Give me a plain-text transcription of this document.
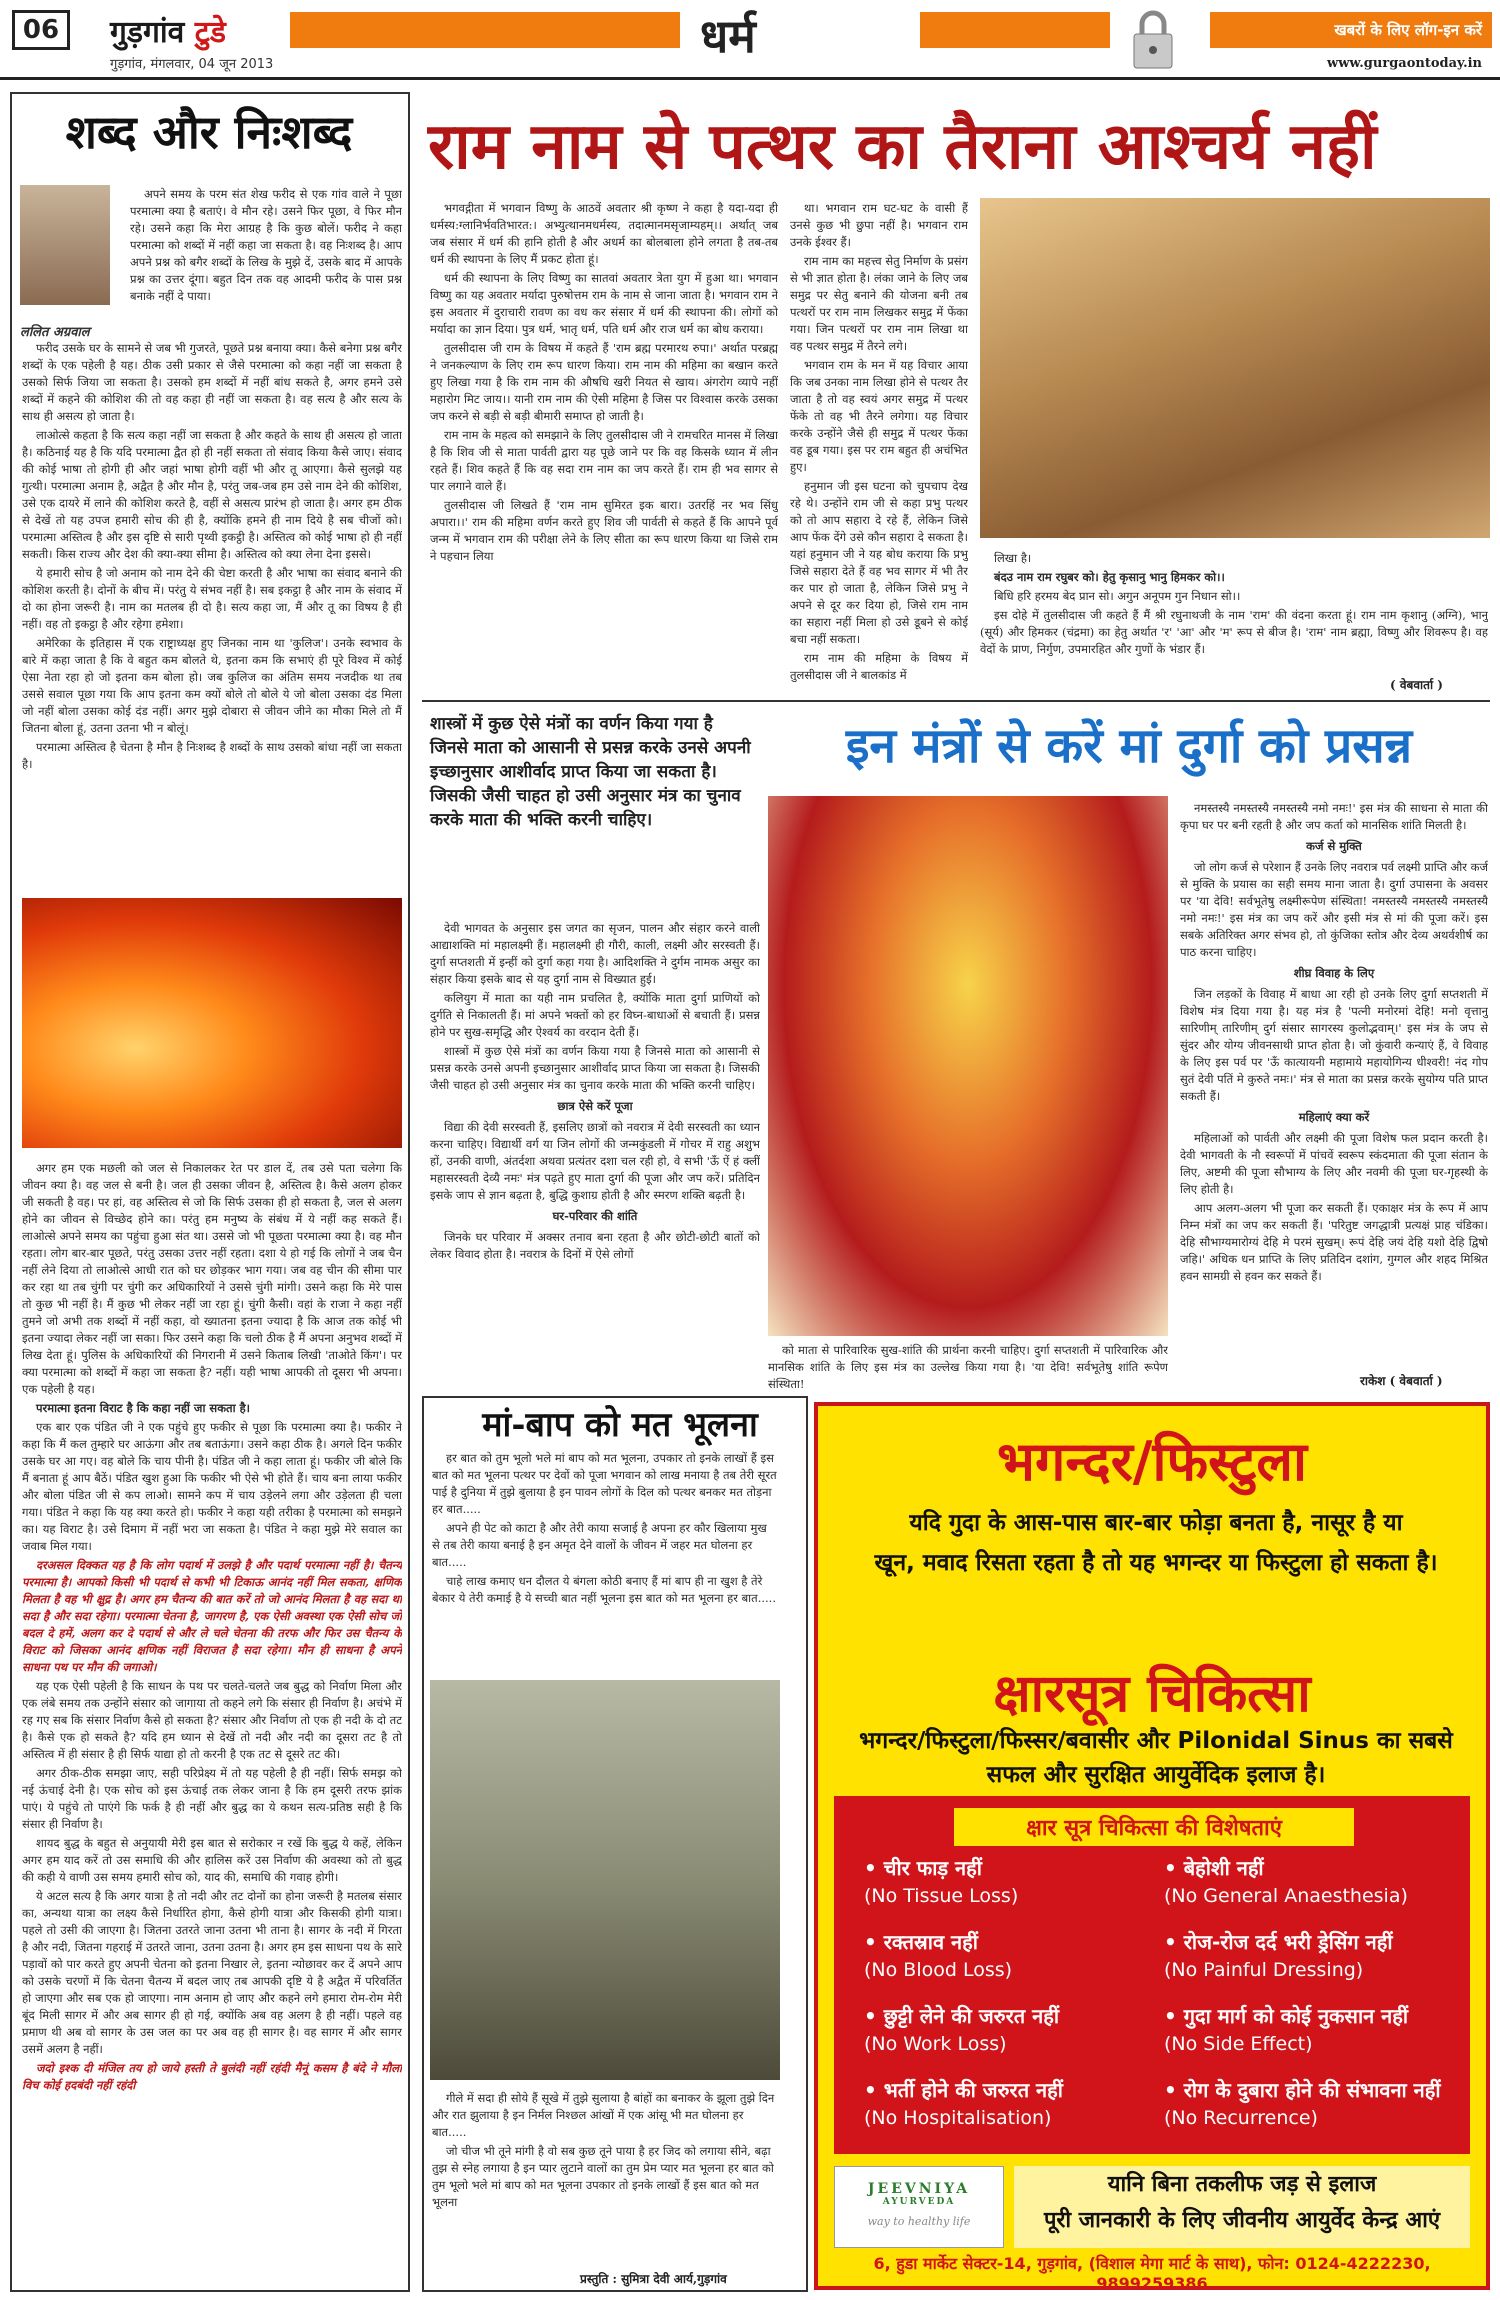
06	गुड़गांव टुडे
गुड़गांव, मंगलवार, 04 जून 2013
धर्म	खबरों के लिए लॉग-इन करें
www.gurgaontoday.in
शब्द और निःशब्द
ललित अग्रवाल

अपने समय के परम संत शेख फरीद से एक गांव वाले ने पूछा परमात्मा क्या है बताएं। वे मौन रहे। उसने फिर पूछा, वे फिर मौन रहे। उसने कहा कि मेरा आग्रह है कि कुछ बोलें। फरीद ने कहा परमात्मा को शब्दों में नहीं कहा जा सकता है। वह निःशब्द है। आप अपने प्रश्न को बगैर शब्दों के लिख के मुझे दें, उसके बाद में आपके प्रश्न का उत्तर दूंगा। बहुत दिन तक वह आदमी फरीद के पास प्रश्न बनाके नहीं दे पाया।

फरीद उसके घर के सामने से जब भी गुजरते, पूछते प्रश्न बनाया क्या। कैसे बनेगा प्रश्न बगैर शब्दों के एक पहेली है यह। ठीक उसी प्रकार से जैसे परमात्मा को कहा नहीं जा सकता है उसको सिर्फ जिया जा सकता है। उसको हम शब्दों में नहीं बांध सकते है, अगर हमने उसे शब्दों में कहने की कोशिश की तो वह कहा ही नहीं जा सकता है। वह सत्य है और सत्य के साथ ही असत्य हो जाता है।

लाओत्से कहता है कि सत्य कहा नहीं जा सकता है और कहते के साथ ही असत्य हो जाता है। कठिनाई यह है कि यदि परमात्मा द्वैत हो ही नहीं सकता तो संवाद किया कैसे जाए। संवाद की कोई भाषा तो होगी ही और जहां भाषा होगी वहीं भी और तू आएगा। कैसे सुलझे यह गुत्थी। परमात्मा अनाम है, अद्वैत है और मौन है, परंतु जब-जब हम उसे नाम देने की कोशिश, उसे एक दायरे में लाने की कोशिश करते है, वहीं से असत्य प्रारंभ हो जाता है। अगर हम ठीक से देखें तो यह उपज हमारी सोच की ही है, क्योंकि हमने ही नाम दिये है सब चीजों को। परमात्मा अस्तित्व है और इस दृष्टि से सारी पृथ्वी इकट्ठी है। अस्तित्व को कोई भाषा हो ही नहीं सकती। किस राज्य और देश की क्या-क्या सीमा है। अस्तित्व को क्या लेना देना इससे।

ये हमारी सोच है जो अनाम को नाम देने की चेष्टा करती है और भाषा का संवाद बनाने की कोशिश करती है। दोनों के बीच में। परंतु ये संभव नहीं है। सब इकट्ठा है और नाम के संवाद में दो का होना जरूरी है। नाम का मतलब ही दो है। सत्य कहा जा, मैं और तू का विषय है ही नहीं। वह तो इकट्ठा है और रहेगा हमेशा।

अमेरिका के इतिहास में एक राष्ट्राध्यक्ष हुए जिनका नाम था 'कुलिज'। उनके स्वभाव के बारे में कहा जाता है कि वे बहुत कम बोलते थे, इतना कम कि सभाएं ही पूरे विश्व में कोई ऐसा नेता रहा हो जो इतना कम बोला हो। जब कुलिज का अंतिम समय नजदीक था तब उससे सवाल पूछा गया कि आप इतना कम क्यों बोले तो बोले ये जो बोला उसका दंड मिला जो नहीं बोला उसका कोई दंड नहीं। अगर मुझे दोबारा से जीवन जीने का मौका मिले तो मैं जितना बोला हूं, उतना उतना भी न बोलूं।

परमात्मा अस्तित्व है चेतना है मौन है निःशब्द है शब्दों के साथ उसको बांधा नहीं जा सकता है।

अगर हम एक मछली को जल से निकालकर रेत पर डाल दें, तब उसे पता चलेगा कि जीवन क्या है। वह जल से बनी है। जल ही उसका जीवन है, अस्तित्व है। कैसे अलग होकर जी सकती है वह। पर हां, वह अस्तित्व से जो कि सिर्फ उसका ही हो सकता है, जल से अलग होने का जीवन से विच्छेद होने का। परंतु हम मनुष्य के संबंध में ये नहीं कह सकते हैं। लाओत्से अपने समय का पहुंचा हुआ संत था। उससे जो भी पूछता परमात्मा क्या है। वह मौन रहता। लोग बार-बार पूछते, परंतु उसका उत्तर नहीं रहता। दशा ये हो गई कि लोगों ने जब चैन नहीं लेने दिया तो लाओत्से आधी रात को घर छोड़कर भाग गया। जब वह चीन की सीमा पार कर रहा था तब चुंगी पर चुंगी कर अधिकारियों ने उससे चुंगी मांगी। उसने कहा कि मेरे पास तो कुछ भी नहीं है। मैं कुछ भी लेकर नहीं जा रहा हूं। चुंगी कैसी। वहां के राजा ने कहा नहीं तुमने जो अभी तक शब्दों में नहीं कहा, वो ख्यातना इतना ज्यादा है कि आज तक कोई भी इतना ज्यादा लेकर नहीं जा सका। फिर उसने कहा कि चलो ठीक है मैं अपना अनुभव शब्दों में लिख देता हूं। पुलिस के अधिकारियों की निगरानी में उसने किताब लिखी 'ताओते किंग'। पर क्या परमात्मा को शब्दों में कहा जा सकता है? नहीं। यही भाषा आपकी तो दूसरा भी अपना। एक पहेली है यह।

परमात्मा इतना विराट है कि कहा नहीं जा सकता है।

एक बार एक पंडित जी ने एक पहुंचे हुए फकीर से पूछा कि परमात्मा क्या है। फकीर ने कहा कि मैं कल तुम्हारे घर आऊंगा और तब बताऊंगा। उसने कहा ठीक है। अगले दिन फकीर उसके घर आ गए। वह बोले कि चाय पीनी है। पंडित जी ने कहा लाता हूं। फकीर जी बोले कि मैं बनाता हूं आप बैठें। पंडित खुश हुआ कि फकीर भी ऐसे भी होते हैं। चाय बना लाया फकीर और बोला पंडित जी से कप लाओ। सामने कप में चाय उड़ेलने लगा और उड़ेलता ही चला गया। पंडित ने कहा कि यह क्या करते हो। फकीर ने कहा यही तरीका है परमात्मा को समझने का। यह विराट है। उसे दिमाग में नहीं भरा जा सकता है। पंडित ने कहा मुझे मेरे सवाल का जवाब मिल गया।

दरअसल दिक्कत यह है कि लोग पदार्थ में उलझे है और पदार्थ परमात्मा नहीं है। चैतन्य परमात्मा है। आपको किसी भी पदार्थ से कभी भी टिकाऊ आनंद नहीं मिल सकता, क्षणिक मिलता है वह भी क्षुद्र है। अगर हम चैतन्य की बात करें तो जो आनंद मिलता है वह सदा था सदा है और सदा रहेगा। परमात्मा चेतना है, जागरण है, एक ऐसी अवस्था एक ऐसी सोच जो बदल दे हमें, अलग कर दे पदार्थ से और ले चले चेतना की तरफ और फिर उस चैतन्य के विराट को जिसका आनंद क्षणिक नहीं विराजत है सदा रहेगा। मौन ही साधना है अपने साधना पथ पर मौन की जगाओ।

यह एक ऐसी पहेली है कि साधन के पथ पर चलते-चलते जब बुद्ध को निर्वाण मिला और एक लंबे समय तक उन्होंने संसार को जागाया तो कहने लगे कि संसार ही निर्वाण है। अचंभे में रह गए सब कि संसार निर्वाण कैसे हो सकता है? संसार और निर्वाण तो एक ही नदी के दो तट है। कैसे एक हो सकते है? यदि हम ध्यान से देखें तो नदी और नदी का दूसरा तट है तो अस्तित्व में ही संसार है ही सिर्फ याद्या हो तो करनी है एक तट से दूसरे तट की।

अगर ठीक-ठीक समझा जाए, सही परिप्रेक्ष्य में तो यह पहेली है ही नहीं। सिर्फ समझ को नई ऊंचाई देनी है। एक सोच को इस ऊंचाई तक लेकर जाना है कि हम दूसरी तरफ झांक पाएं। ये पहुंचे तो पाएंगे कि फर्क है ही नहीं और बुद्ध का ये कथन सत्य-प्रतिष्ठ सही है कि संसार ही निर्वाण है।

शायद बुद्ध के बहुत से अनुयायी मेरी इस बात से सरोकार न रखें कि बुद्ध ये कहें, लेकिन अगर हम याद करें तो उस समाधि की और हालिस करें उस निर्वाण की अवस्था को तो बुद्ध की कही ये वाणी उस समय हमारी सोच को, याद की, समाधि की गवाह होगी।

ये अटल सत्य है कि अगर यात्रा है तो नदी और तट दोनों का होना जरूरी है मतलब संसार का, अन्यथा यात्रा का लक्ष्य कैसे निर्धारित होगा, कैसे होगी यात्रा और किसकी होगी यात्रा। पहले तो उसी की जाएगा है। जितना उतरते जाना उतना भी ताना है। सागर के नदी में गिरता है और नदी, जितना गहराई में उतरते जाना, उतना उतना है। अगर हम इस साधना पथ के सारे पड़ावों को पार करते हुए अपनी चेतना को इतना निखार ले, इतना न्योछावर कर दें अपने आप को उसके चरणों में कि चेतना चैतन्य में बदल जाए तब आपकी दृष्टि ये है अद्वैत में परिवर्तित हो जाएगा और सब एक हो जाएगा। नाम अनाम हो जाए और कहने लगे हमारा रोम-रोम मेरी बूंद मिली सागर में और अब सागर ही हो गई, क्योंकि अब वह अलग है ही नहीं। पहले वह प्रमाण थी अब वो सागर के उस जल का पर अब वह ही सागर है। वह सागर में और सागर उसमें अलग है नहीं।

जदो इश्क दी मंजिल तय हो जाये हस्ती ते बुलंदी नहीं रहंदी मैनूं कसम है बंदे ने मौला विच कोई हदबंदी नहीं रहंदी

राम नाम से पत्थर का तैराना आश्चर्य नहीं

भगवद्गीता में भगवान विष्णु के आठवें अवतार श्री कृष्ण ने कहा है यदा-यदा ही धर्मस्य:ग्लानिर्भवतिभारत:। अभ्युत्थानमधर्मस्य, तदात्मानमसृजाम्यहम्।। अर्थात् जब जब संसार में धर्म की हानि होती है और अधर्म का बोलबाला होने लगता है तब-तब धर्म की स्थापना के लिए मैं प्रकट होता हूं।

धर्म की स्थापना के लिए विष्णु का सातवां अवतार त्रेता युग में हुआ था। भगवान विष्णु का यह अवतार मर्यादा पुरुषोत्तम राम के नाम से जाना जाता है। भगवान राम ने इस अवतार में दुराचारी रावण का वध कर संसार में धर्म की स्थापना की। लोगों को मर्यादा का ज्ञान दिया। पुत्र धर्म, भातृ धर्म, पति धर्म और राज धर्म का बोध कराया।

तुलसीदास जी राम के विषय में कहते हैं 'राम ब्रह्म परमारथ रुपा।' अर्थात परब्रह्म ने जनकल्याण के लिए राम रूप धारण किया। राम नाम की महिमा का बखान करते हुए लिखा गया है कि राम नाम की औषधि खरी नियत से खाय। अंगरोग व्यापे नहीं महारोग मिट जाय।। यानी राम नाम की ऐसी महिमा है जिस पर विश्वास करके उसका जप करने से बड़ी से बड़ी बीमारी समाप्त हो जाती है।

राम नाम के महत्व को समझाने के लिए तुलसीदास जी ने रामचरित मानस में लिखा है कि शिव जी से माता पार्वती द्वारा यह पूछे जाने पर कि वह किसके ध्यान में लीन रहते हैं। शिव कहते हैं कि वह सदा राम नाम का जप करते हैं। राम ही भव सागर से पार लगाने वाले हैं।

तुलसीदास जी लिखते हैं 'राम नाम सुमिरत इक बारा। उतरहिं नर भव सिंधु अपारा।।' राम की महिमा वर्णन करते हुए शिव जी पार्वती से कहते हैं कि आपने पूर्व जन्म में भगवान राम की परीक्षा लेने के लिए सीता का रूप धारण किया था जिसे राम ने पहचान लिया

था। भगवान राम घट-घट के वासी हैं उनसे कुछ भी छुपा नहीं है। भगवान राम उनके ईश्वर हैं।

राम नाम का महत्त्व सेतु निर्माण के प्रसंग से भी ज्ञात होता है। लंका जाने के लिए जब समुद्र पर सेतु बनाने की योजना बनी तब पत्थरों पर राम नाम लिखकर समुद्र में फेंका गया। जिन पत्थरों पर राम नाम लिखा था वह पत्थर समुद्र में तैरने लगे।

भगवान राम के मन में यह विचार आया कि जब उनका नाम लिखा होने से पत्थर तैर जाता है तो वह स्वयं अगर समुद्र में पत्थर फेंके तो वह भी तैरने लगेगा। यह विचार करके उन्होंने जैसे ही समुद्र में पत्थर फेंका वह डूब गया। इस पर राम बहुत ही अचंभित हुए।

हनुमान जी इस घटना को चुपचाप देख रहे थे। उन्होंने राम जी से कहा प्रभु पत्थर को तो आप सहारा दे रहे हैं, लेकिन जिसे आप फेंक देंगे उसे कौन सहारा दे सकता है। यहां हनुमान जी ने यह बोध कराया कि प्रभु जिसे सहारा देते हैं वह भव सागर में भी तैर कर पार हो जाता है, लेकिन जिसे प्रभु ने अपने से दूर कर दिया हो, जिसे राम नाम का सहारा नहीं मिला हो उसे डूबने से कोई बचा नहीं सकता।

राम नाम की महिमा के विषय में तुलसीदास जी ने बालकांड में

लिखा है।

बंदउ नाम राम रघुबर को। हेतु कृसानु भानु हिमकर को।।

बिधि हरि हरमय बेद प्रान सो। अगुन अनूपम गुन निधान सो।।

इस दोहे में तुलसीदास जी कहते हैं मैं श्री रघुनाथजी के नाम 'राम' की वंदना करता हूं। राम नाम कृशानु (अग्नि), भानु (सूर्य) और हिमकर (चंद्रमा) का हेतु अर्थात 'र' 'आ' और 'म' रूप से बीज है। 'राम' नाम ब्रह्मा, विष्णु और शिवरूप है। वह वेदों के प्राण, निर्गुण, उपमारहित और गुणों के भंडार हैं।

( वेबवार्ता )
शास्त्रों में कुछ ऐसे मंत्रों का वर्णन किया गया है जिनसे माता को आसानी से प्रसन्न करके उनसे अपनी इच्छानुसार आशीर्वाद प्राप्त किया जा सकता है। जिसकी जैसी चाहत हो उसी अनुसार मंत्र का चुनाव करके माता की भक्ति करनी चाहिए।
इन मंत्रों से करें मां दुर्गा को प्रसन्न

देवी भागवत के अनुसार इस जगत का सृजन, पालन और संहार करने वाली आद्याशक्ति मां महालक्ष्मी हैं। महालक्ष्मी ही गौरी, काली, लक्ष्मी और सरस्वती हैं। दुर्गा सप्तशती में इन्हीं को दुर्गा कहा गया है। आदिशक्ति ने दुर्गम नामक असुर का संहार किया इसके बाद से यह दुर्गा नाम से विख्यात हुई।

कलियुग में माता का यही नाम प्रचलित है, क्योंकि माता दुर्गा प्राणियों को दुर्गति से निकालती हैं। मां अपने भक्तों को हर विघ्न-बाधाओं से बचाती हैं। प्रसन्न होने पर सुख-समृद्धि और ऐश्वर्य का वरदान देती हैं।

शास्त्रों में कुछ ऐसे मंत्रों का वर्णन किया गया है जिनसे माता को आसानी से प्रसन्न करके उनसे अपनी इच्छानुसार आशीर्वाद प्राप्त किया जा सकता है। जिसकी जैसी चाहत हो उसी अनुसार मंत्र का चुनाव करके माता की भक्ति करनी चाहिए।

छात्र ऐसे करें पूजा

विद्या की देवी सरस्वती हैं, इसलिए छात्रों को नवरात्र में देवी सरस्वती का ध्यान करना चाहिए। विद्यार्थी वर्ग या जिन लोगों की जन्मकुंडली में गोचर में राहु अशुभ हों, उनकी वाणी, अंतर्दशा अथवा प्रत्यंतर दशा चल रही हो, वे सभी 'ऊँ ऐं हं क्लीं महासरस्वती देव्यै नमः' मंत्र पढ़ते हुए माता दुर्गा की पूजा और जप करें। प्रतिदिन इसके जाप से ज्ञान बढ़ता है, बुद्धि कुशाग्र होती है और स्मरण शक्ति बढ़ती है।

घर-परिवार की शांति

जिनके घर परिवार में अक्सर तनाव बना रहता है और छोटी-छोटी बातों को लेकर विवाद होता है। नवरात्र के दिनों में ऐसे लोगों

को माता से पारिवारिक सुख-शांति की प्रार्थना करनी चाहिए। दुर्गा सप्तशती में पारिवारिक और मानसिक शांति के लिए इस मंत्र का उल्लेख किया गया है। 'या देवि! सर्वभूतेषु शांति रूपेण संस्थिता!

नमस्तस्यै नमस्तस्यै नमस्तस्यै नमो नमः!' इस मंत्र की साधना से माता की कृपा घर पर बनी रहती है और जप कर्ता को मानसिक शांति मिलती है।

कर्ज से मुक्ति

जो लोग कर्ज से परेशान हैं उनके लिए नवरात्र पर्व लक्ष्मी प्राप्ति और कर्ज से मुक्ति के प्रयास का सही समय माना जाता है। दुर्गा उपासना के अवसर पर 'या देवि! सर्वभूतेषु लक्ष्मीरूपेण संस्थिता! नमस्तस्यै नमस्तस्यै नमस्तस्यै नमो नमः!' इस मंत्र का जप करें और इसी मंत्र से मां की पूजा करें। इस सबके अतिरिक्त अगर संभव हो, तो कुंजिका स्तोत्र और देव्य अथर्वशीर्ष का पाठ करना चाहिए।

शीघ्र विवाह के लिए

जिन लड़कों के विवाह में बाधा आ रही हो उनके लिए दुर्गा सप्तशती में विशेष मंत्र दिया गया है। यह मंत्र है 'पत्नी मनोरमां देहि! मनो वृत्तानु सारिणीम् तारिणीम् दुर्ग संसार सागरस्य कुलोद्भवाम्।' इस मंत्र के जप से सुंदर और योग्य जीवनसाथी प्राप्त होता है। जो कुंवारी कन्याएं हैं, वे विवाह के लिए इस पर्व पर 'ऊँ कात्यायनी महामाये महायोगिन्य धीश्वरी! नंद गोप सुतं देवी पतिं मे कुरुते नमः।' मंत्र से माता का प्रसन्न करके सुयोग्य पति प्राप्त सकती हैं।

महिलाएं क्या करें

महिलाओं को पार्वती और लक्ष्मी की पूजा विशेष फल प्रदान करती है। देवी भागवती के नौ स्वरूपों में पांचवें स्वरूप स्कंदमाता की पूजा संतान के लिए, अष्टमी की पूजा सौभाग्य के लिए और नवमी की पूजा घर-गृहस्थी के लिए होती है।

आप अलग-अलग भी पूजा कर सकती हैं। एकाक्षर मंत्र के रूप में आप निम्न मंत्रों का जप कर सकती हैं। 'परितुष्ट जगद्धात्री प्रत्यक्षं प्राह चंडिका। देहि सौभाग्यमारोग्यं देहि मे परमं सुखम्। रूपं देहि जयं देहि यशो देहि द्विषो जहि।' अधिक धन प्राप्ति के लिए प्रतिदिन दशांग, गुग्गल और शहद मिश्रित हवन सामग्री से हवन कर सकते हैं।

राकेश ( वेबवार्ता )
मां-बाप को मत भूलना

हर बात को तुम भूलो भले मां बाप को मत भूलना, उपकार तो इनके लाखों हैं इस बात को मत भूलना पत्थर पर देवों को पूजा भगवान को लाख मनाया है तब तेरी सूरत पाई है दुनिया में तुझे बुलाया है इन पावन लोगों के दिल को पत्थर बनकर मत तोड़ना हर बात.....

अपने ही पेट को काटा है और तेरी काया सजाई है अपना हर कौर खिलाया मुख से तब तेरी काया बनाई है इन अमृत देने वालों के जीवन में जहर मत घोलना हर बात.....

चाहे लाख कमाए धन दौलत ये बंगला कोठी बनाए हैं मां बाप ही ना खुश है तेरे बेकार ये तेरी कमाई है ये सच्ची बात नहीं भूलना इस बात को मत भूलना हर बात.....

गीले में सदा ही सोये हैं सूखे में तुझे सुलाया है बांहों का बनाकर के झूला तुझे दिन और रात झुलाया है इन निर्मल निश्छल आंखों में एक आंसू भी मत घोलना हर बात.....

जो चीज भी तूने मांगी है वो सब कुछ तूने पाया है हर जिद को लगाया सीने, बढ़ा तुझ से स्नेह लगाया है इन प्यार लुटाने वालों का तुम प्रेम प्यार मत भूलना हर बात को तुम भूलो भले मां बाप को मत भूलना उपकार तो इनके लाखों हैं इस बात को मत भूलना

प्रस्तुति : सुमित्रा देवी आर्य,गुड़गांव
भगन्दर/फिस्टुला
यदि गुदा के आस-पास बार-बार फोड़ा बनता है, नासूर है या
खून, मवाद रिसता रहता है तो यह भगन्दर या फिस्टुला हो सकता है।
क्षारसूत्र चिकित्सा
भगन्दर/फिस्टुला/फिस्सर/बवासीर और Pilonidal Sinus का सबसे
सफल और सुरक्षित आयुर्वेदिक इलाज है।
क्षार सूत्र चिकित्सा की विशेषताएं
• चीर फाड़ नहीं
(No Tissue Loss)
• रक्तस्राव नहीं
(No Blood Loss)
• छुट्टी लेने की जरुरत नहीं
(No Work Loss)
• भर्ती होने की जरुरत नहीं
(No Hospitalisation)
• बेहोशी नहीं
(No General Anaesthesia)
• रोज-रोज दर्द भरी ड्रेसिंग नहीं
(No Painful Dressing)
• गुदा मार्ग को कोई नुकसान नहीं
(No Side Effect)
• रोग के दुबारा होने की संभावना नहीं
(No Recurrence)
JEEVNIYA
AYURVEDA
way to healthy life
यानि बिना तकलीफ जड़ से इलाज
पूरी जानकारी के लिए जीवनीय आयुर्वेद केन्द्र आएं
6, हुडा मार्केट सेक्टर-14, गुड़गांव, (विशाल मेगा मार्ट के साथ), फोन: 0124-4222230, 9899259386
